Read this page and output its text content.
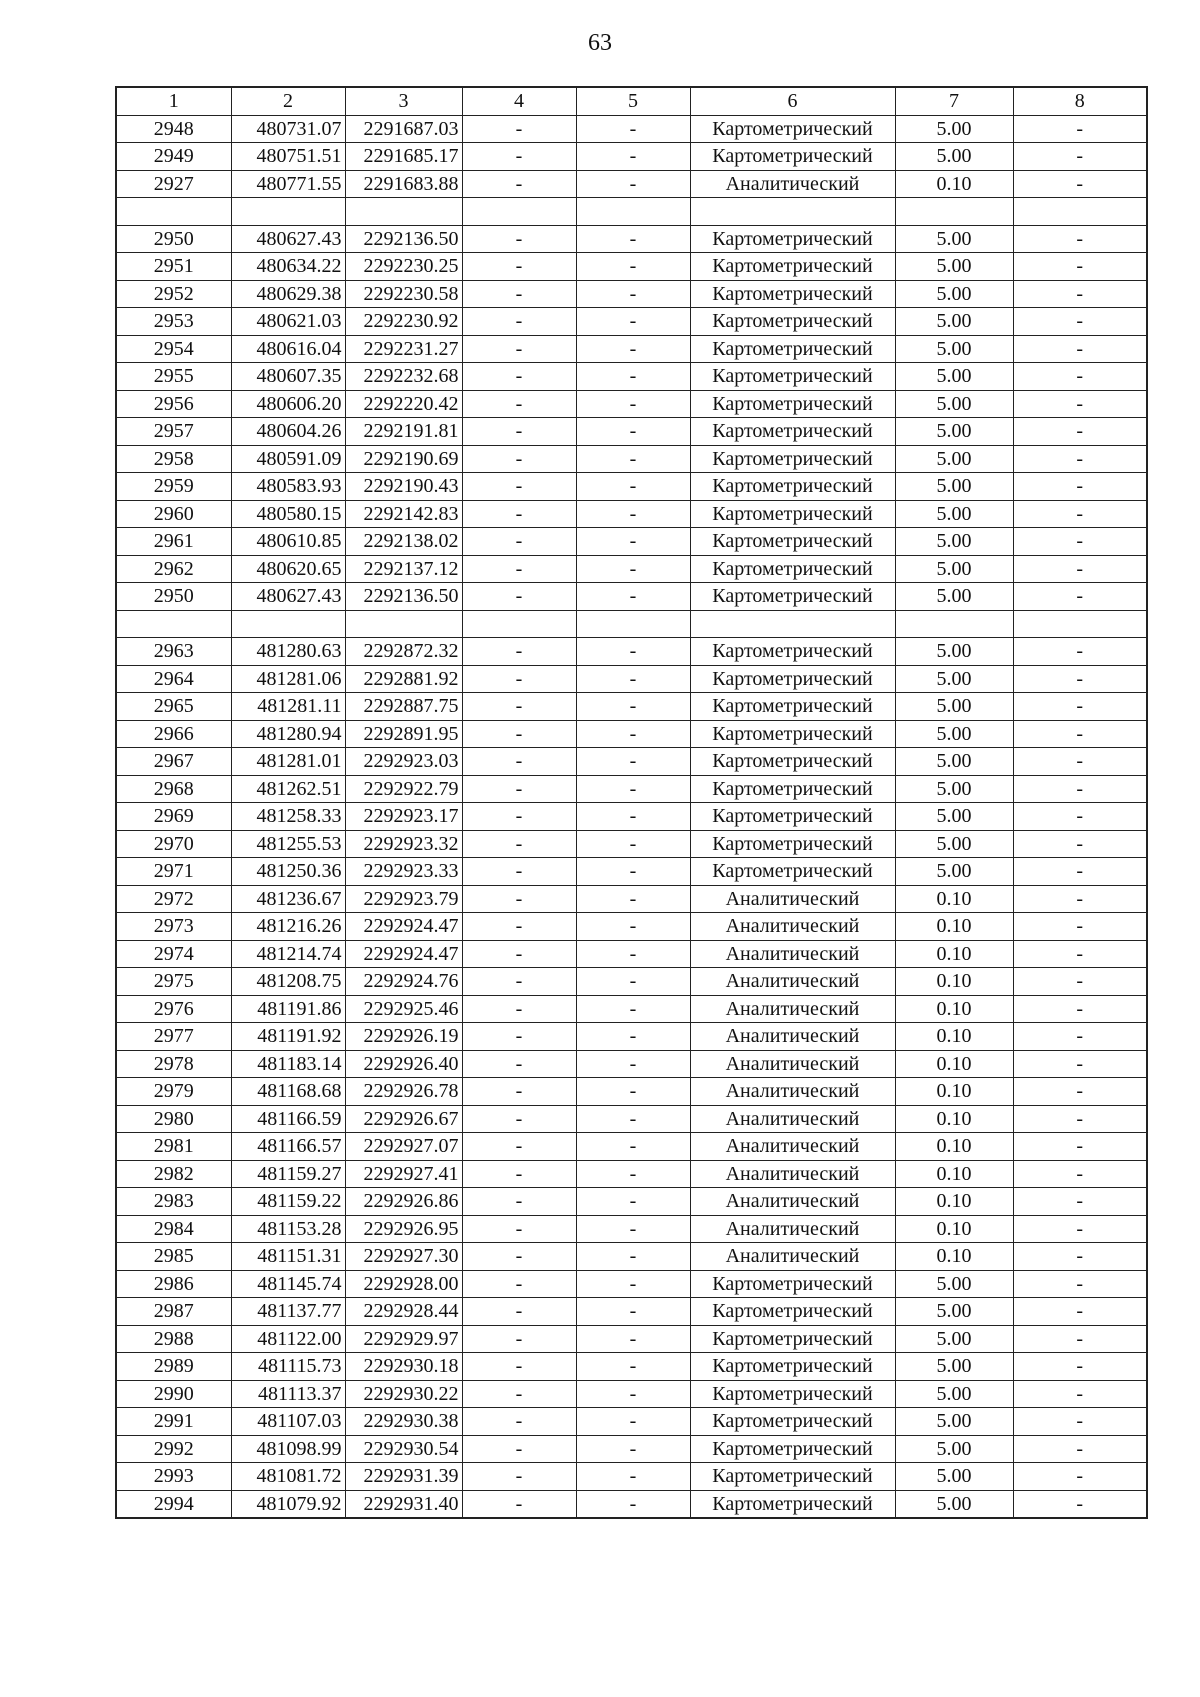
63
1	2	3	4	5	6	7	8
2948	480731.07	2291687.03	-	-	Картометрический	5.00	-
2949	480751.51	2291685.17	-	-	Картометрический	5.00	-
2927	480771.55	2291683.88	-	-	Аналитический	0.10	-

2950	480627.43	2292136.50	-	-	Картометрический	5.00	-
2951	480634.22	2292230.25	-	-	Картометрический	5.00	-
2952	480629.38	2292230.58	-	-	Картометрический	5.00	-
2953	480621.03	2292230.92	-	-	Картометрический	5.00	-
2954	480616.04	2292231.27	-	-	Картометрический	5.00	-
2955	480607.35	2292232.68	-	-	Картометрический	5.00	-
2956	480606.20	2292220.42	-	-	Картометрический	5.00	-
2957	480604.26	2292191.81	-	-	Картометрический	5.00	-
2958	480591.09	2292190.69	-	-	Картометрический	5.00	-
2959	480583.93	2292190.43	-	-	Картометрический	5.00	-
2960	480580.15	2292142.83	-	-	Картометрический	5.00	-
2961	480610.85	2292138.02	-	-	Картометрический	5.00	-
2962	480620.65	2292137.12	-	-	Картометрический	5.00	-
2950	480627.43	2292136.50	-	-	Картометрический	5.00	-

2963	481280.63	2292872.32	-	-	Картометрический	5.00	-
2964	481281.06	2292881.92	-	-	Картометрический	5.00	-
2965	481281.11	2292887.75	-	-	Картометрический	5.00	-
2966	481280.94	2292891.95	-	-	Картометрический	5.00	-
2967	481281.01	2292923.03	-	-	Картометрический	5.00	-
2968	481262.51	2292922.79	-	-	Картометрический	5.00	-
2969	481258.33	2292923.17	-	-	Картометрический	5.00	-
2970	481255.53	2292923.32	-	-	Картометрический	5.00	-
2971	481250.36	2292923.33	-	-	Картометрический	5.00	-
2972	481236.67	2292923.79	-	-	Аналитический	0.10	-
2973	481216.26	2292924.47	-	-	Аналитический	0.10	-
2974	481214.74	2292924.47	-	-	Аналитический	0.10	-
2975	481208.75	2292924.76	-	-	Аналитический	0.10	-
2976	481191.86	2292925.46	-	-	Аналитический	0.10	-
2977	481191.92	2292926.19	-	-	Аналитический	0.10	-
2978	481183.14	2292926.40	-	-	Аналитический	0.10	-
2979	481168.68	2292926.78	-	-	Аналитический	0.10	-
2980	481166.59	2292926.67	-	-	Аналитический	0.10	-
2981	481166.57	2292927.07	-	-	Аналитический	0.10	-
2982	481159.27	2292927.41	-	-	Аналитический	0.10	-
2983	481159.22	2292926.86	-	-	Аналитический	0.10	-
2984	481153.28	2292926.95	-	-	Аналитический	0.10	-
2985	481151.31	2292927.30	-	-	Аналитический	0.10	-
2986	481145.74	2292928.00	-	-	Картометрический	5.00	-
2987	481137.77	2292928.44	-	-	Картометрический	5.00	-
2988	481122.00	2292929.97	-	-	Картометрический	5.00	-
2989	481115.73	2292930.18	-	-	Картометрический	5.00	-
2990	481113.37	2292930.22	-	-	Картометрический	5.00	-
2991	481107.03	2292930.38	-	-	Картометрический	5.00	-
2992	481098.99	2292930.54	-	-	Картометрический	5.00	-
2993	481081.72	2292931.39	-	-	Картометрический	5.00	-
2994	481079.92	2292931.40	-	-	Картометрический	5.00	-
